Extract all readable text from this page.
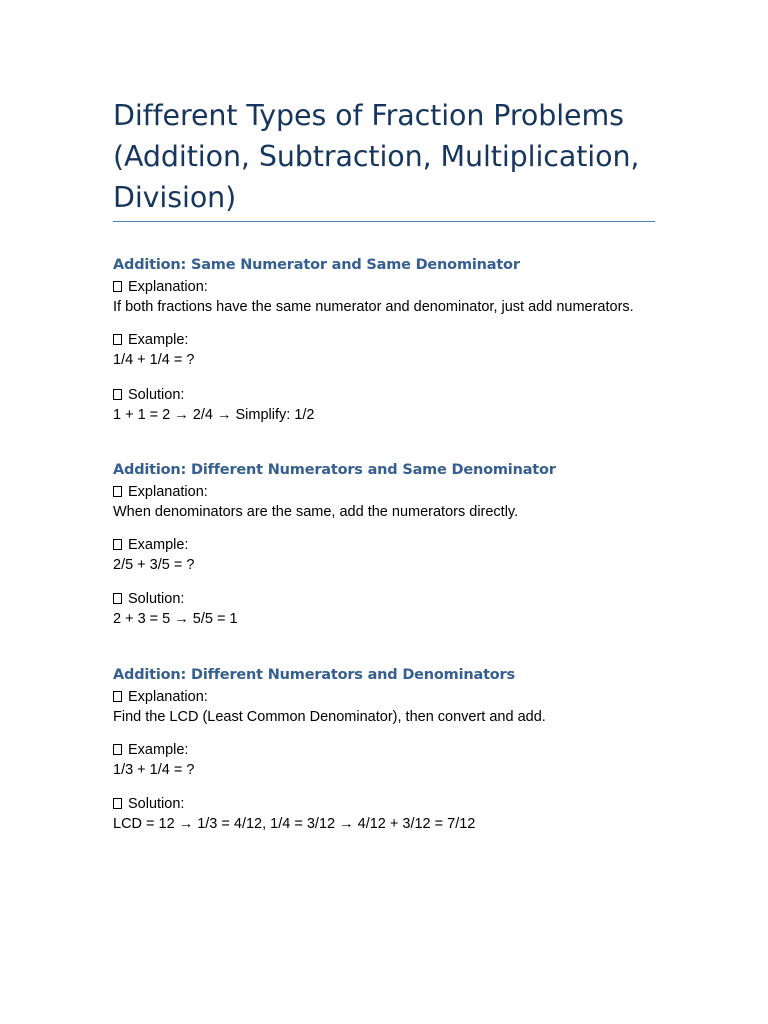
Different Types of Fraction Problems (Addition, Subtraction, Multiplication, Division)
Addition: Same Numerator and Same Denominator
Explanation:
If both fractions have the same numerator and denominator, just add numerators.
Example:
1/4 + 1/4 = ?
Solution:
1 + 1 = 2 → 2/4 → Simplify: 1/2
Addition: Different Numerators and Same Denominator
Explanation:
When denominators are the same, add the numerators directly.
Example:
2/5 + 3/5 = ?
Solution:
2 + 3 = 5 → 5/5 = 1
Addition: Different Numerators and Denominators
Explanation:
Find the LCD (Least Common Denominator), then convert and add.
Example:
1/3 + 1/4 = ?
Solution:
LCD = 12 → 1/3 = 4/12, 1/4 = 3/12 → 4/12 + 3/12 = 7/12
